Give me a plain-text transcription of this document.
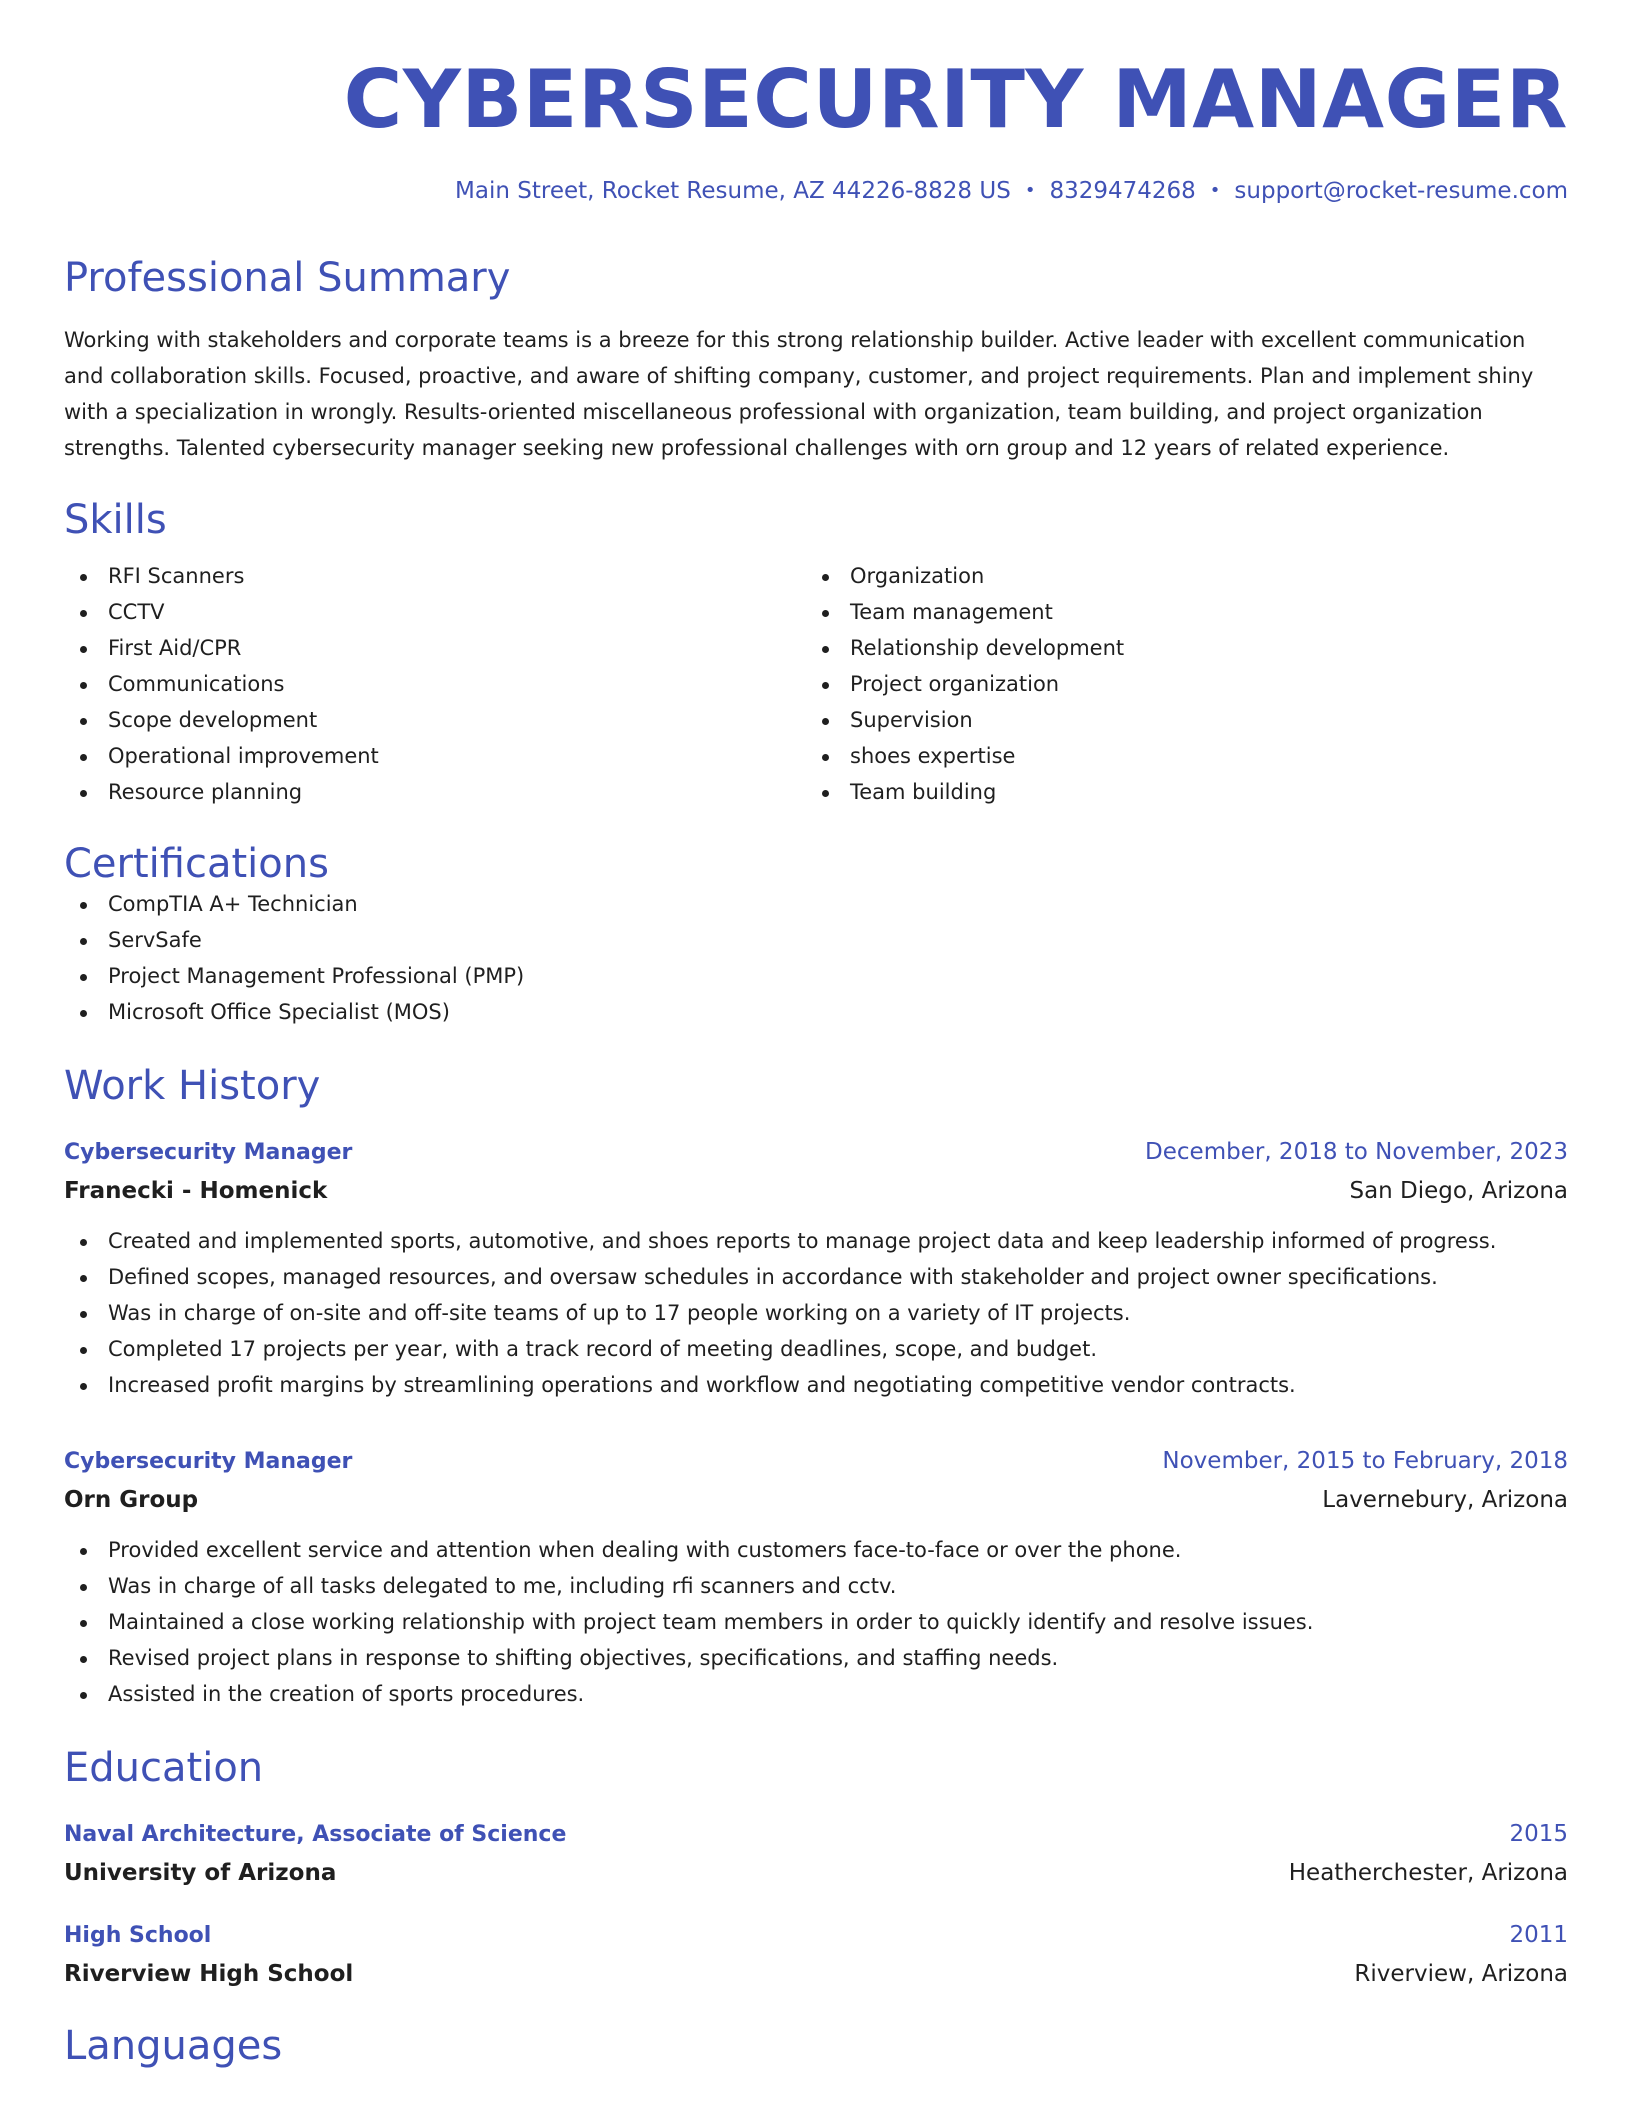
CYBERSECURITY MANAGER
Main Street, Rocket Resume, AZ 44226-8828 US • 8329474268 • support@rocket-resume.com
Professional Summary
Working with stakeholders and corporate teams is a breeze for this strong relationship builder. Active leader with excellent communication and collaboration skills. Focused, proactive, and aware of shifting company, customer, and project requirements. Plan and implement shiny with a specialization in wrongly. Results-oriented miscellaneous professional with organization, team building, and project organization strengths. Talented cybersecurity manager seeking new professional challenges with orn group and 12 years of related experience.
Skills
RFI Scanners
CCTV
First Aid/CPR
Communications
Scope development
Operational improvement
Resource planning
Organization
Team management
Relationship development
Project organization
Supervision
shoes expertise
Team building
Certifications
CompTIA A+ Technician
ServSafe
Project Management Professional (PMP)
Microsoft Office Specialist (MOS)
Work History
Cybersecurity Manager	December, 2018 to November, 2023
Franecki - Homenick	San Diego, Arizona
Created and implemented sports, automotive, and shoes reports to manage project data and keep leadership informed of progress.
Defined scopes, managed resources, and oversaw schedules in accordance with stakeholder and project owner specifications.
Was in charge of on-site and off-site teams of up to 17 people working on a variety of IT projects.
Completed 17 projects per year, with a track record of meeting deadlines, scope, and budget.
Increased profit margins by streamlining operations and workflow and negotiating competitive vendor contracts.
Cybersecurity Manager	November, 2015 to February, 2018
Orn Group	Lavernebury, Arizona
Provided excellent service and attention when dealing with customers face-to-face or over the phone.
Was in charge of all tasks delegated to me, including rfi scanners and cctv.
Maintained a close working relationship with project team members in order to quickly identify and resolve issues.
Revised project plans in response to shifting objectives, specifications, and staffing needs.
Assisted in the creation of sports procedures.
Education
Naval Architecture, Associate of Science	2015
University of Arizona	Heatherchester, Arizona
High School	2011
Riverview High School	Riverview, Arizona
Languages
